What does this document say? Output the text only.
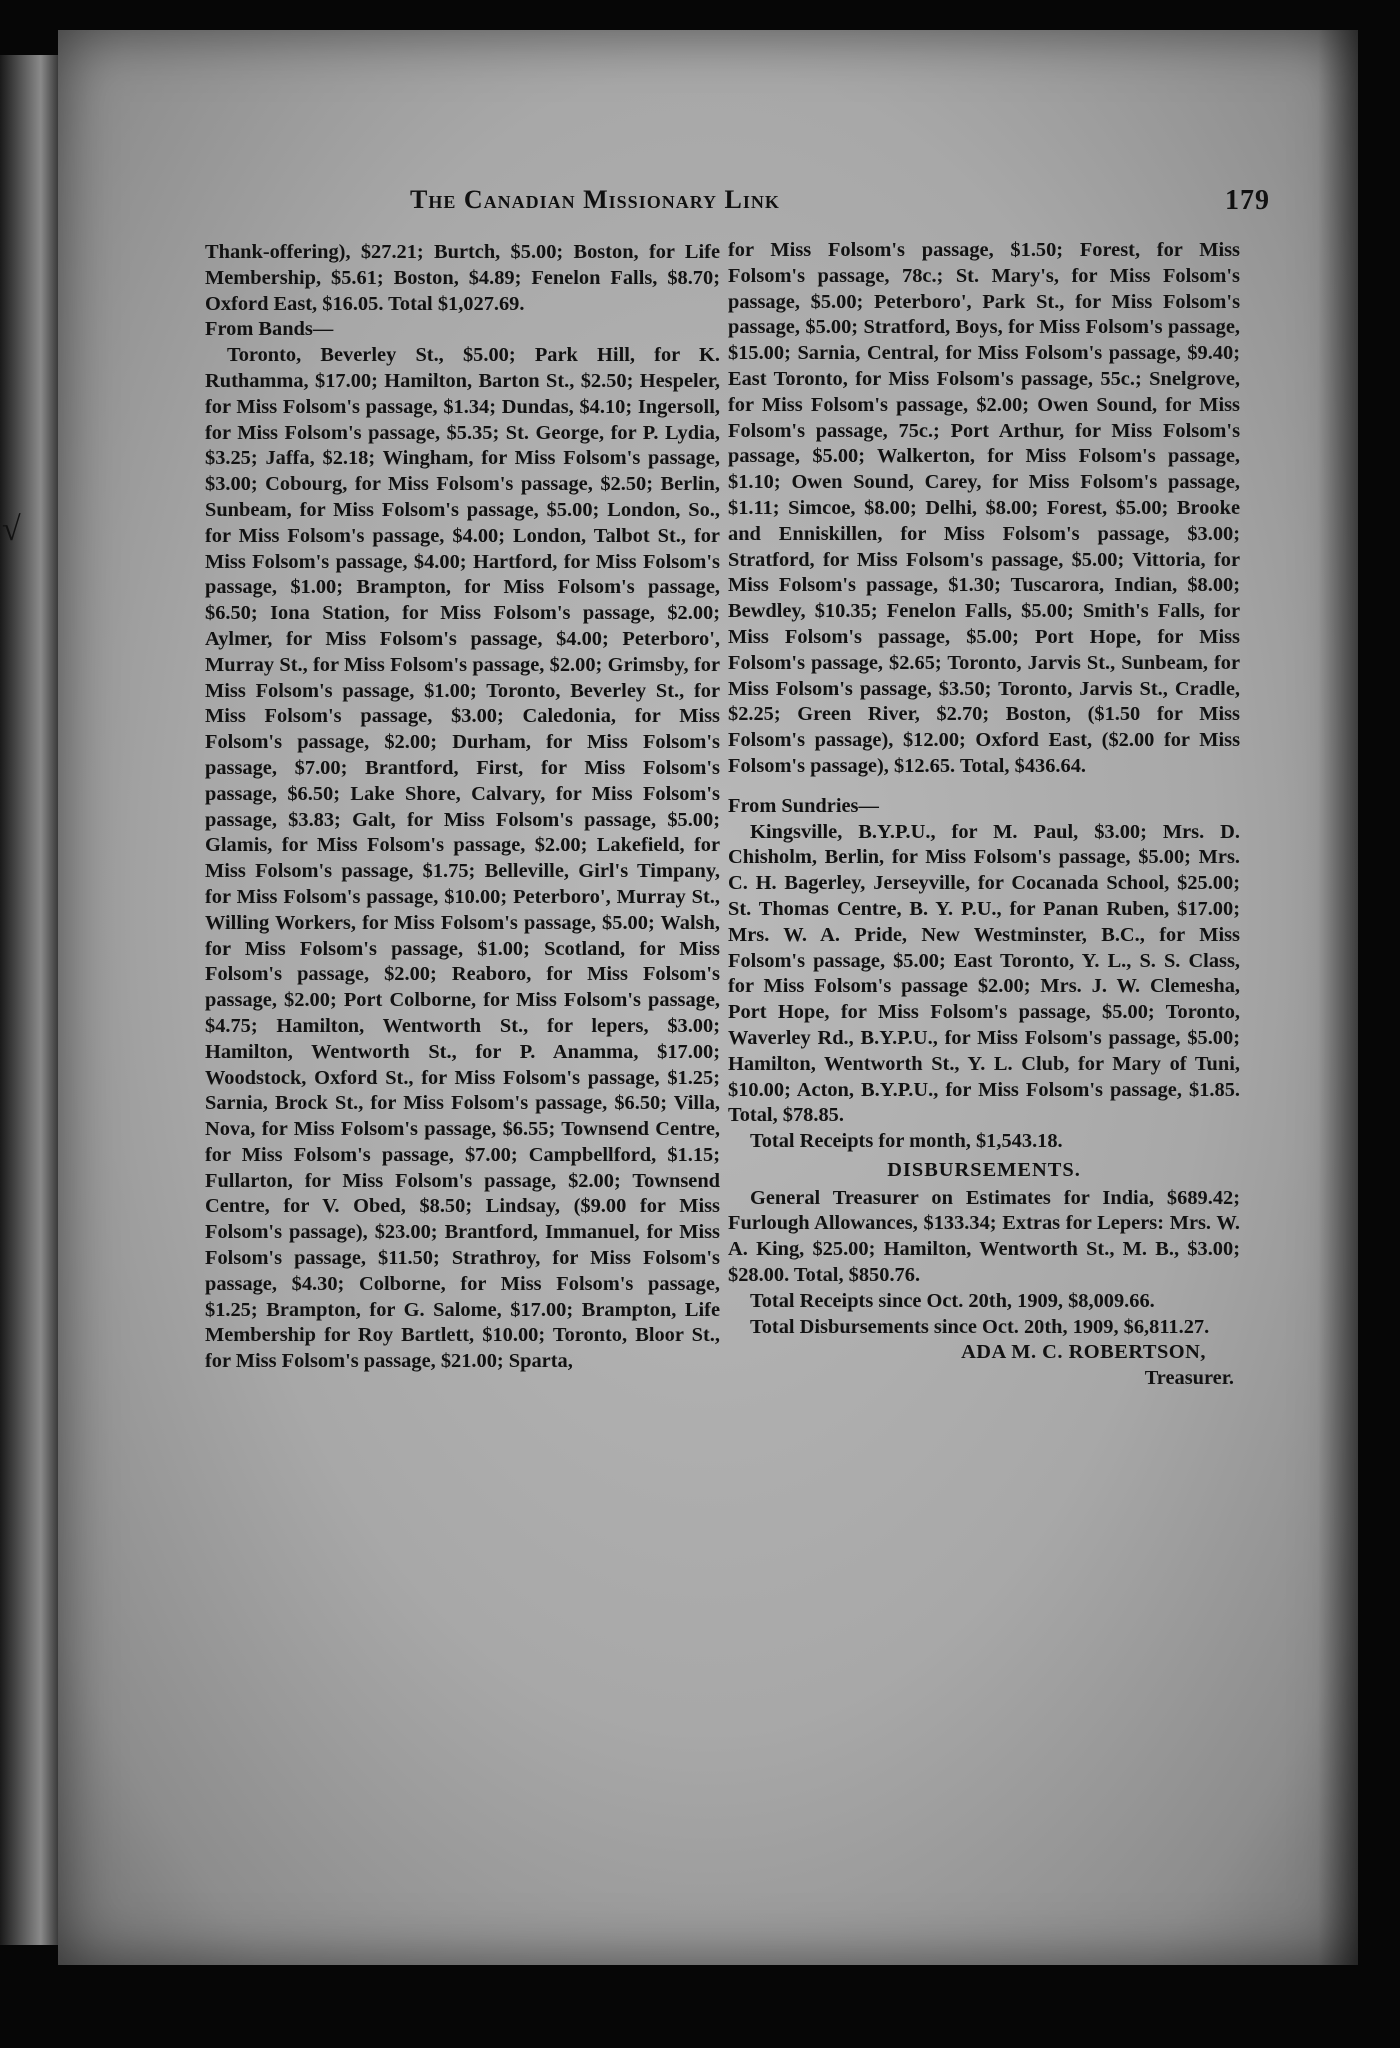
√
The Canadian Missionary Link	179

Thank-offering), $27.21; Burtch, $5.00; Boston, for Life Membership, $5.61; Boston, $4.89; Fenelon Falls, $8.70; Oxford East, $16.05. Total $1,027.69.

From Bands—

Toronto, Beverley St., $5.00; Park Hill, for K. Ruthamma, $17.00; Hamilton, Barton St., $2.50; Hespeler, for Miss Folsom's passage, $1.34; Dundas, $4.10; Ingersoll, for Miss Folsom's passage, $5.35; St. George, for P. Lydia, $3.25; Jaffa, $2.18; Wingham, for Miss Folsom's passage, $3.00; Cobourg, for Miss Folsom's passage, $2.50; Berlin, Sunbeam, for Miss Folsom's passage, $5.00; London, So., for Miss Folsom's passage, $4.00; London, Talbot St., for Miss Folsom's passage, $4.00; Hartford, for Miss Folsom's passage, $1.00; Brampton, for Miss Folsom's passage, $6.50; Iona Station, for Miss Folsom's passage, $2.00; Aylmer, for Miss Folsom's passage, $4.00; Peterboro', Murray St., for Miss Folsom's passage, $2.00; Grimsby, for Miss Folsom's passage, $1.00; Toronto, Beverley St., for Miss Folsom's passage, $3.00; Caledonia, for Miss Folsom's passage, $2.00; Durham, for Miss Folsom's passage, $7.00; Brantford, First, for Miss Folsom's passage, $6.50; Lake Shore, Calvary, for Miss Folsom's passage, $3.83; Galt, for Miss Folsom's passage, $5.00; Glamis, for Miss Folsom's passage, $2.00; Lakefield, for Miss Folsom's passage, $1.75; Belleville, Girl's Timpany, for Miss Folsom's passage, $10.00; Peterboro', Murray St., Willing Workers, for Miss Folsom's passage, $5.00; Walsh, for Miss Folsom's passage, $1.00; Scotland, for Miss Folsom's passage, $2.00; Reaboro, for Miss Folsom's passage, $2.00; Port Colborne, for Miss Folsom's passage, $4.75; Hamilton, Wentworth St., for lepers, $3.00; Hamilton, Wentworth St., for P. Anamma, $17.00; Woodstock, Oxford St., for Miss Folsom's passage, $1.25; Sarnia, Brock St., for Miss Folsom's passage, $6.50; Villa, Nova, for Miss Folsom's passage, $6.55; Townsend Centre, for Miss Folsom's passage, $7.00; Campbellford, $1.15; Fullarton, for Miss Folsom's passage, $2.00; Townsend Centre, for V. Obed, $8.50; Lindsay, ($9.00 for Miss Folsom's passage), $23.00; Brantford, Immanuel, for Miss Folsom's passage, $11.50; Strathroy, for Miss Folsom's passage, $4.30; Colborne, for Miss Folsom's passage, $1.25; Brampton, for G. Salome, $17.00; Brampton, Life Membership for Roy Bartlett, $10.00; Toronto, Bloor St., for Miss Folsom's passage, $21.00; Sparta,

for Miss Folsom's passage, $1.50; Forest, for Miss Folsom's passage, 78c.; St. Mary's, for Miss Folsom's passage, $5.00; Peterboro', Park St., for Miss Folsom's passage, $5.00; Stratford, Boys, for Miss Folsom's passage, $15.00; Sarnia, Central, for Miss Folsom's passage, $9.40; East Toronto, for Miss Folsom's passage, 55c.; Snelgrove, for Miss Folsom's passage, $2.00; Owen Sound, for Miss Folsom's passage, 75c.; Port Arthur, for Miss Folsom's passage, $5.00; Walkerton, for Miss Folsom's passage, $1.10; Owen Sound, Carey, for Miss Folsom's passage, $1.11; Simcoe, $8.00; Delhi, $8.00; Forest, $5.00; Brooke and Enniskillen, for Miss Folsom's passage, $3.00; Stratford, for Miss Folsom's passage, $5.00; Vittoria, for Miss Folsom's passage, $1.30; Tuscarora, Indian, $8.00; Bewdley, $10.35; Fenelon Falls, $5.00; Smith's Falls, for Miss Folsom's passage, $5.00; Port Hope, for Miss Folsom's passage, $2.65; Toronto, Jarvis St., Sunbeam, for Miss Folsom's passage, $3.50; Toronto, Jarvis St., Cradle, $2.25; Green River, $2.70; Boston, ($1.50 for Miss Folsom's passage), $12.00; Oxford East, ($2.00 for Miss Folsom's passage), $12.65. Total, $436.64.

From Sundries—

Kingsville, B.Y.P.U., for M. Paul, $3.00; Mrs. D. Chisholm, Berlin, for Miss Folsom's passage, $5.00; Mrs. C. H. Bagerley, Jerseyville, for Cocanada School, $25.00; St. Thomas Centre, B. Y. P.U., for Panan Ruben, $17.00; Mrs. W. A. Pride, New Westminster, B.C., for Miss Folsom's passage, $5.00; East Toronto, Y. L., S. S. Class, for Miss Folsom's passage $2.00; Mrs. J. W. Clemesha, Port Hope, for Miss Folsom's passage, $5.00; Toronto, Waverley Rd., B.Y.P.U., for Miss Folsom's passage, $5.00; Hamilton, Wentworth St., Y. L. Club, for Mary of Tuni, $10.00; Acton, B.Y.P.U., for Miss Folsom's passage, $1.85. Total, $78.85.

Total Receipts for month, $1,543.18.

DISBURSEMENTS.

General Treasurer on Estimates for India, $689.42; Furlough Allowances, $133.34; Extras for Lepers: Mrs. W. A. King, $25.00; Hamilton, Wentworth St., M. B., $3.00; $28.00. Total, $850.76.

Total Receipts since Oct. 20th, 1909, $8,009.66.

Total Disbursements since Oct. 20th, 1909, $6,811.27.

ADA M. C. ROBERTSON,

Treasurer.
